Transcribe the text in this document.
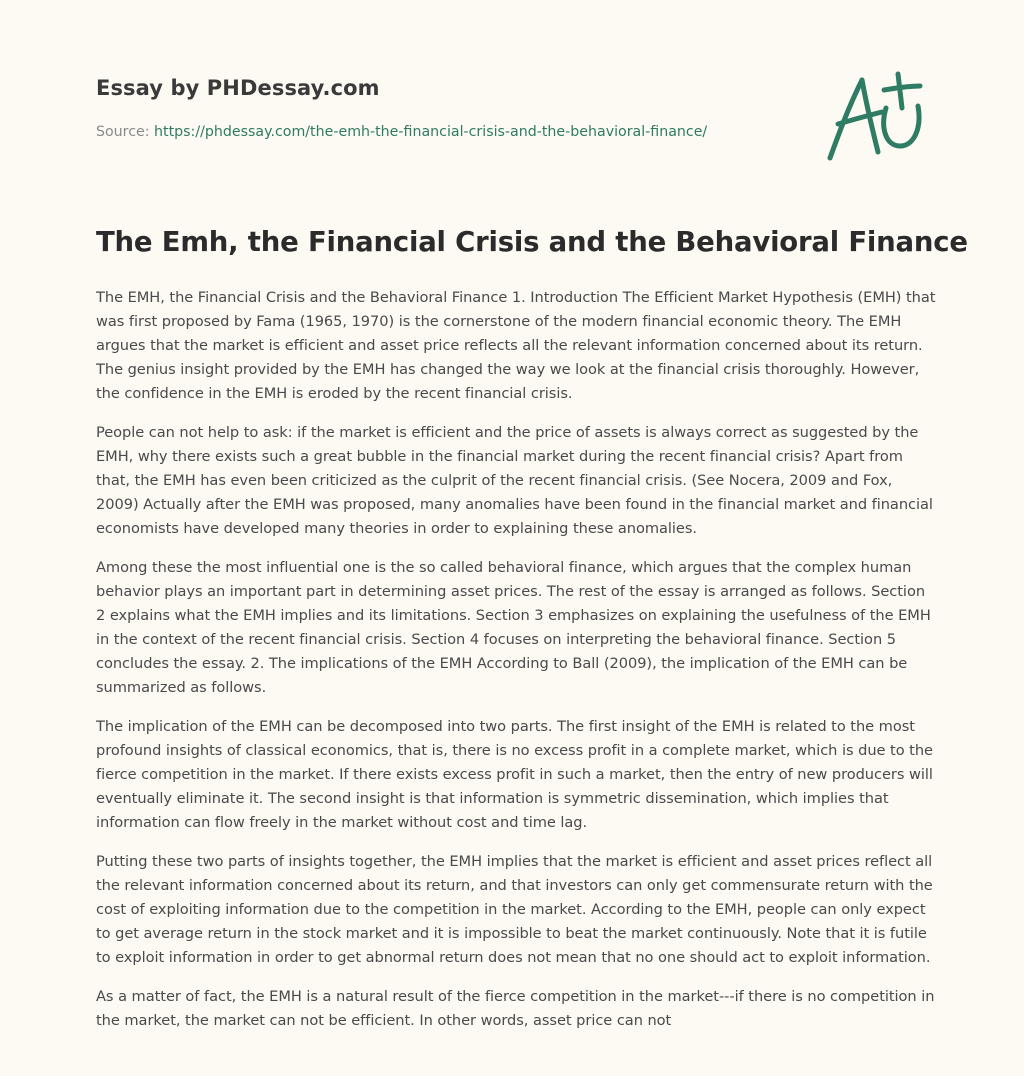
Essay by PHDessay.com
Source: https://phdessay.com/the-emh-the-financial-crisis-and-the-behavioral-finance/
The Emh, the Financial Crisis and the Behavioral Finance

The EMH, the Financial Crisis and the Behavioral Finance 1. Introduction The Efficient Market Hypothesis (EMH) that was first proposed by Fama (1965, 1970) is the cornerstone of the modern financial economic theory. The EMH argues that the market is efficient and asset price reflects all the relevant information concerned about its return. The genius insight provided by the EMH has changed the way we look at the financial crisis thoroughly. However, the confidence in the EMH is eroded by the recent financial crisis.

People can not help to ask: if the market is efficient and the price of assets is always correct as suggested by the EMH, why there exists such a great bubble in the financial market during the recent financial crisis? Apart from that, the EMH has even been criticized as the culprit of the recent financial crisis. (See Nocera, 2009 and Fox, 2009) Actually after the EMH was proposed, many anomalies have been found in the financial market and financial economists have developed many theories in order to explaining these anomalies.

Among these the most influential one is the so called behavioral finance, which argues that the complex human behavior plays an important part in determining asset prices. The rest of the essay is arranged as follows. Section 2 explains what the EMH implies and its limitations. Section 3 emphasizes on explaining the usefulness of the EMH in the context of the recent financial crisis. Section 4 focuses on interpreting the behavioral finance. Section 5 concludes the essay. 2. The implications of the EMH According to Ball (2009), the implication of the EMH can be summarized as follows.

The implication of the EMH can be decomposed into two parts. The first insight of the EMH is related to the most profound insights of classical economics, that is, there is no excess profit in a complete market, which is due to the fierce competition in the market. If there exists excess profit in such a market, then the entry of new producers will eventually eliminate it. The second insight is that information is symmetric dissemination, which implies that information can flow freely in the market without cost and time lag.

Putting these two parts of insights together, the EMH implies that the market is efficient and asset prices reflect all the relevant information concerned about its return, and that investors can only get commensurate return with the cost of exploiting information due to the competition in the market. According to the EMH, people can only expect to get average return in the stock market and it is impossible to beat the market continuously. Note that it is futile to exploit information in order to get abnormal return does not mean that no one should act to exploit information.

As a matter of fact, the EMH is a natural result of the fierce competition in the market---if there is no competition in the market, the market can not be efficient. In other words, asset price can not
